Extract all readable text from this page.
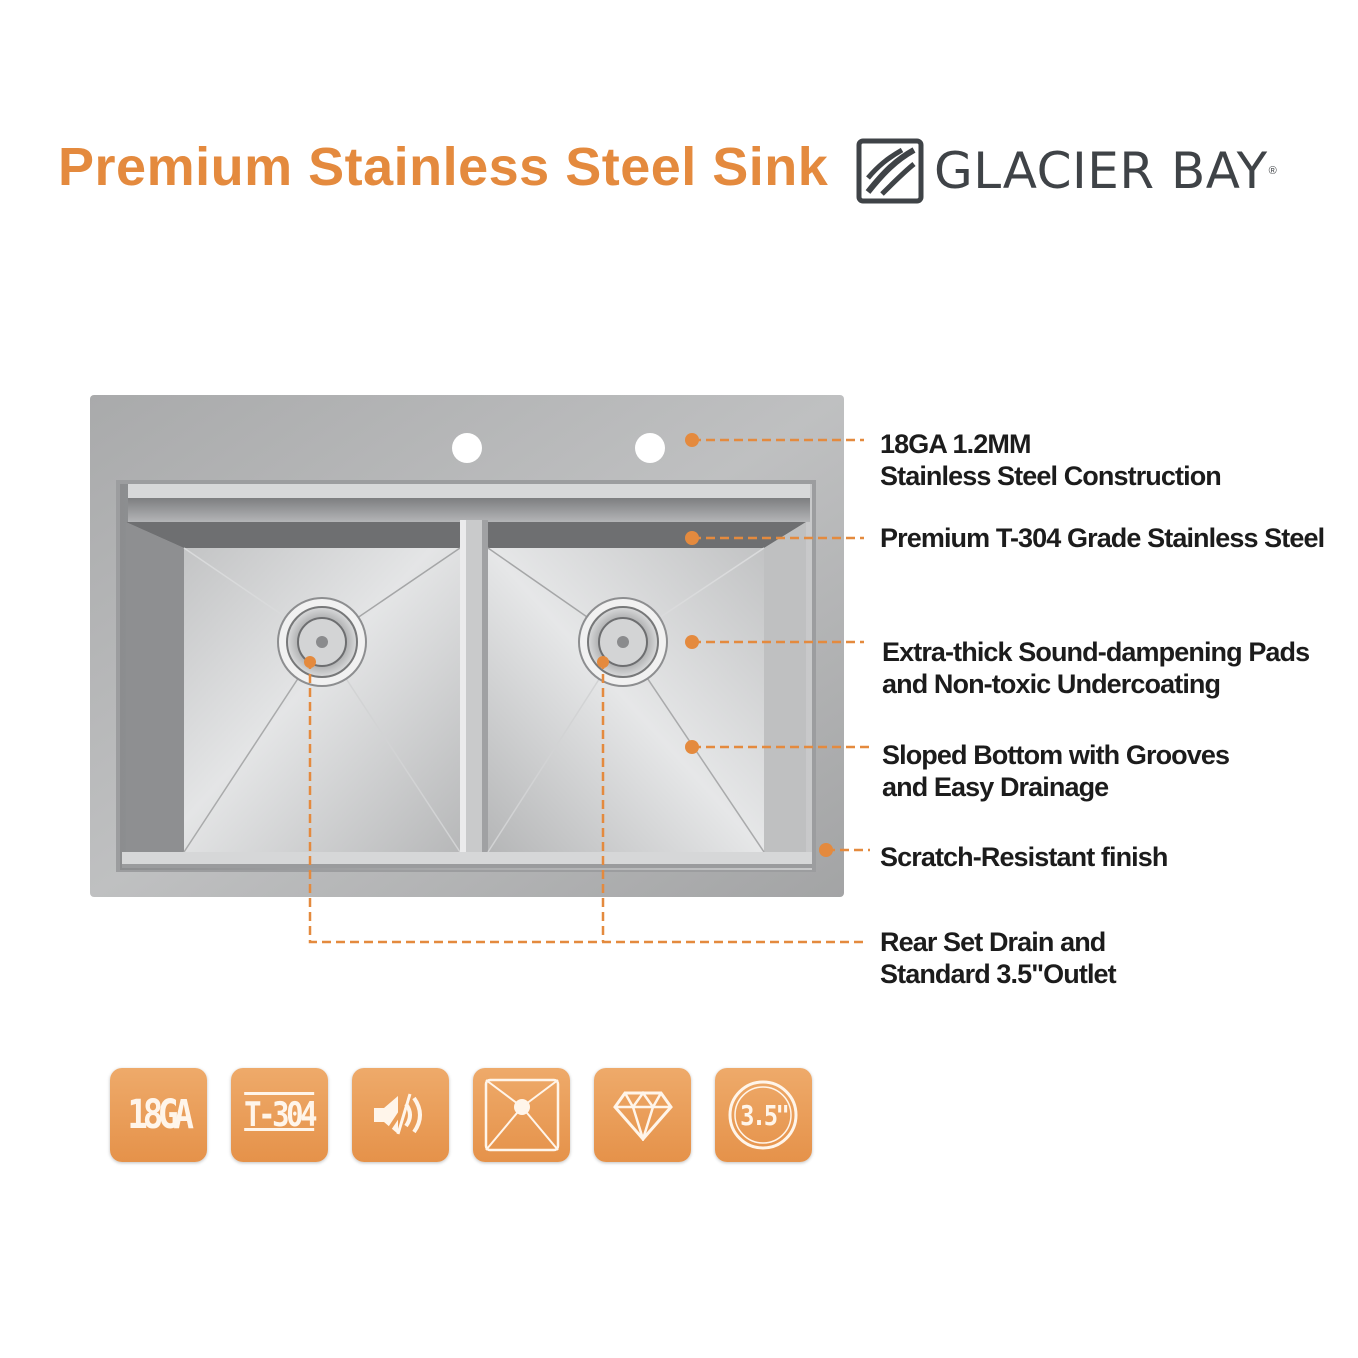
Premium Stainless Steel Sink GLACIER BAY ®
18GA 1.2MM
Stainless Steel Construction
Premium T-304 Grade Stainless Steel
Extra-thick Sound-dampening Pads
and Non-toxic Undercoating
Sloped Bottom with Grooves
and Easy Drainage
Scratch-Resistant finish
Rear Set Drain and
Standard 3.5"Outlet
18GA T-304	3.5"
